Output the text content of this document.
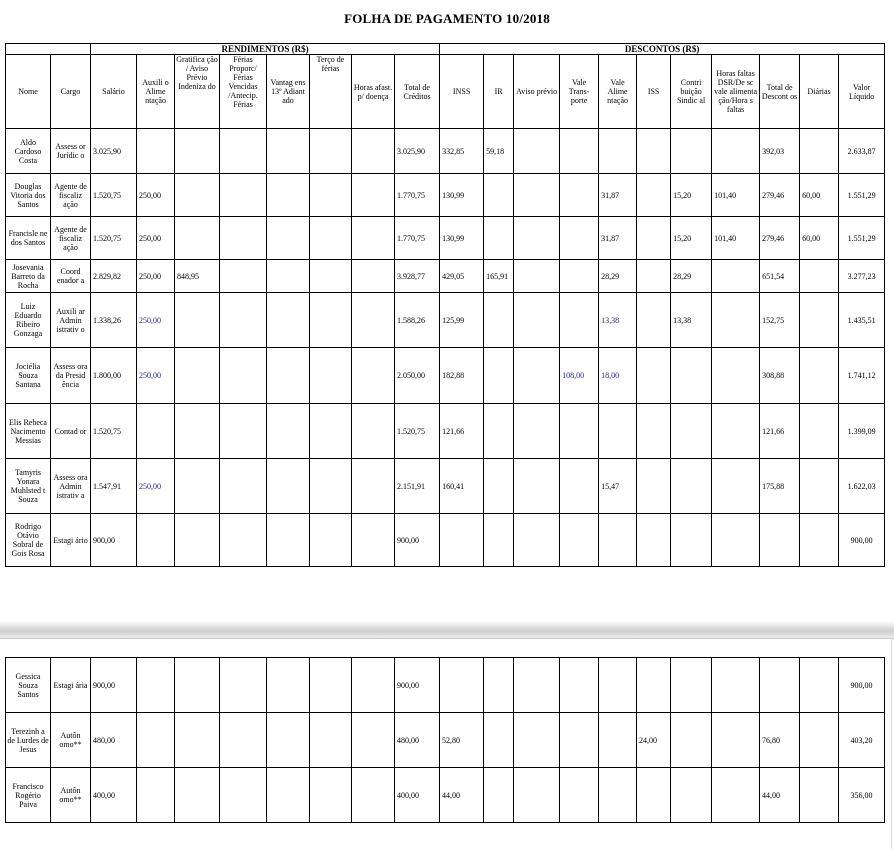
FOLHA DE PAGAMENTO 10/2018
		RENDIMENTOS (R$)								DESCONTOS (R$)										
Nome	Cargo	Salário	Auxili o Alime ntação	Gratifica ção / Aviso Prévio Indeniza do	Férias Proporc/ Férias Vencidas /Antecip. Férias	Vantag ens 13º Adiant ado	Terço de férias	Horas afast. p/ doença	Total de Créditos	INSS	IR	Aviso prévio	Vale Trans- porte	Vale Alime ntação	ISS	Contri buição Sindic al	Horas faltas DSR/De sc vale alimenta ção/Hora s faltas	Total de Descont os	Diárias	Valor Líquido
Aldo Cardoso Costa	Assess or Jurídic o	3.025,90							3.025,90	332,85	59,18							392,03		2.633,87
Douglas Vitoria dos Santos	Agente de fiscaliz ação	1.520,75	250,00						1.770,75	130,99				31,87		15,20	101,40	279,46	60,00	1.551,29
Francisle ne dos Santos	Agente de fiscaliz ação	1.520,75	250,00						1.770,75	130,99				31,87		15,20	101,40	279,46	60,00	1.551,29
Josevania Barreto da Rocha	Coord enador a	2.829,82	250,00	848,95					3.928,77	429,05	165,91			28,29		28,29		651,54		3.277,23
Luiz Eduardo Ribeiro Gonzaga	Auxili ar Admin istrativ o	1.338,26	250,00						1.588,26	125,99				13,38		13,38		152,75		1.435,51
Jociélia Souza Santana	Assess ora da Presid ência	1.800,00	250,00						2.050,00	182,88			108,00	18,00				308,88		1.741,12
Elis Rebeca Nacimento Messias	Contad or	1.520,75							1.520,75	121,66								121,66		1.399,09
Tamyris Yonara Muhlsted t Souza	Assess ora Admin istrativ a	1.547,91	250,00						2.151,91	160,41				15,47				175,88		1.622,03
Rodrigo Otávio Sobral de Gois Rosa	Estagi ário	900,00							900,00											900,00
Gessica Souza Santos	Estagi ária	900,00							900,00											900,00
Terezinh a de Lurdes de Jesus	Autôn omo**	480,00							480,00	52,80					24,00			76,80		403,20
Francisco Rogério Paiva	Autôn omo**	400,00							400,00	44,00								44,00		356,00
